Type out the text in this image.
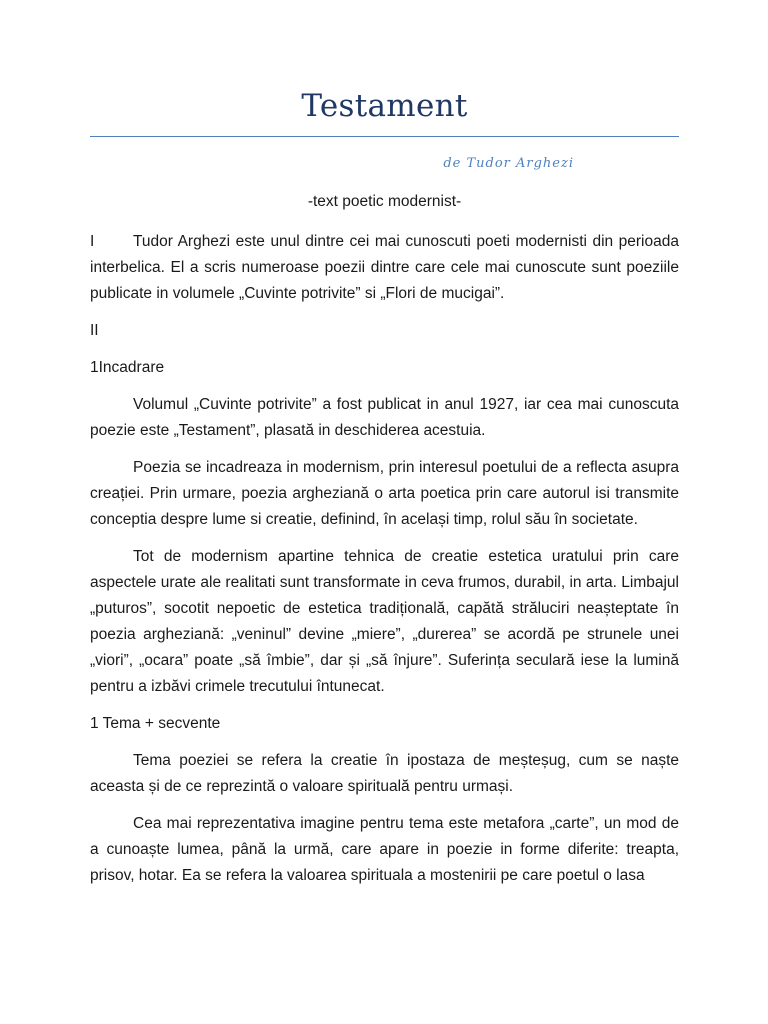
Testament
de Tudor Arghezi
-text poetic modernist-

I Tudor Arghezi este unul dintre cei mai cunoscuti poeti modernisti din perioada interbelica. El a scris numeroase poezii dintre care cele mai cunoscute sunt poeziile publicate in volumele „Cuvinte potrivite” si „Flori de mucigai”.

II

1Incadrare

Volumul „Cuvinte potrivite” a fost publicat in anul 1927, iar cea mai cunoscuta poezie este „Testament”, plasată in deschiderea acestuia.

Poezia se incadreaza in modernism, prin interesul poetului de a reflecta asupra creației. Prin urmare, poezia argheziană o arta poetica prin care autorul isi transmite conceptia despre lume si creatie, definind, în același timp, rolul său în societate.

Tot de modernism apartine tehnica de creatie estetica uratului prin care aspectele urate ale realitati sunt transformate in ceva frumos, durabil, in arta. Limbajul „puturos”, socotit nepoetic de estetica tradițională, capătă străluciri neașteptate în poezia argheziană: „veninul” devine „miere”, „durerea” se acordă pe strunele unei „viori”, „ocara” poate „să îmbie”, dar și „să înjure”. Suferința seculară iese la lumină pentru a izbăvi crimele trecutului întunecat.

1 Tema + secvente

Tema poeziei se refera la creatie în ipostaza de meșteșug, cum se naște aceasta și de ce reprezintă o valoare spirituală pentru urmași.

Cea mai reprezentativa imagine pentru tema este metafora „carte”, un mod de a cunoaște lumea, până la urmă, care apare in poezie in forme diferite: treapta, prisov, hotar. Ea se refera la valoarea spirituala a mostenirii pe care poetul o lasa
